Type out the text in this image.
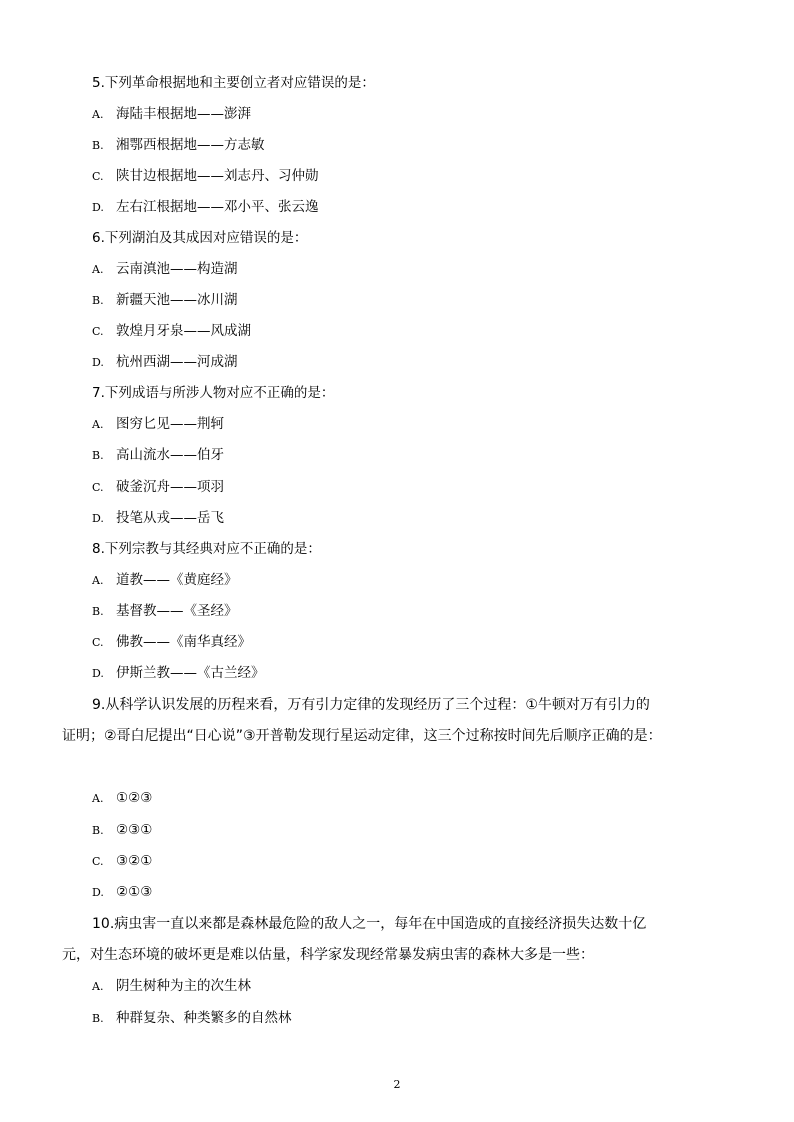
5.下列革命根据地和主要创立者对应错误的是：
A. 海陆丰根据地——澎湃
B. 湘鄂西根据地——方志敏
C. 陕甘边根据地——刘志丹、习仲勋
D. 左右江根据地——邓小平、张云逸
6.下列湖泊及其成因对应错误的是：
A. 云南滇池——构造湖
B. 新疆天池——冰川湖
C. 敦煌月牙泉——风成湖
D. 杭州西湖——河成湖
7.下列成语与所涉人物对应不正确的是：
A. 图穷匕见——荆轲
B. 高山流水——伯牙
C. 破釜沉舟——项羽
D. 投笔从戎——岳飞
8.下列宗教与其经典对应不正确的是：
A. 道教——《黄庭经》
B. 基督教——《圣经》
C. 佛教——《南华真经》
D. 伊斯兰教——《古兰经》
9.从科学认识发展的历程来看，万有引力定律的发现经历了三个过程：①牛顿对万有引力的证明；②哥白尼提出“日心说”③开普勒发现行星运动定律，这三个过称按时间先后顺序正确的是：
A. ①②③
B. ②③①
C. ③②①
D. ②①③
10.病虫害一直以来都是森林最危险的敌人之一，每年在中国造成的直接经济损失达数十亿元，对生态环境的破坏更是难以估量，科学家发现经常暴发病虫害的森林大多是一些：
A. 阴生树种为主的次生林
B. 种群复杂、种类繁多的自然林
2
